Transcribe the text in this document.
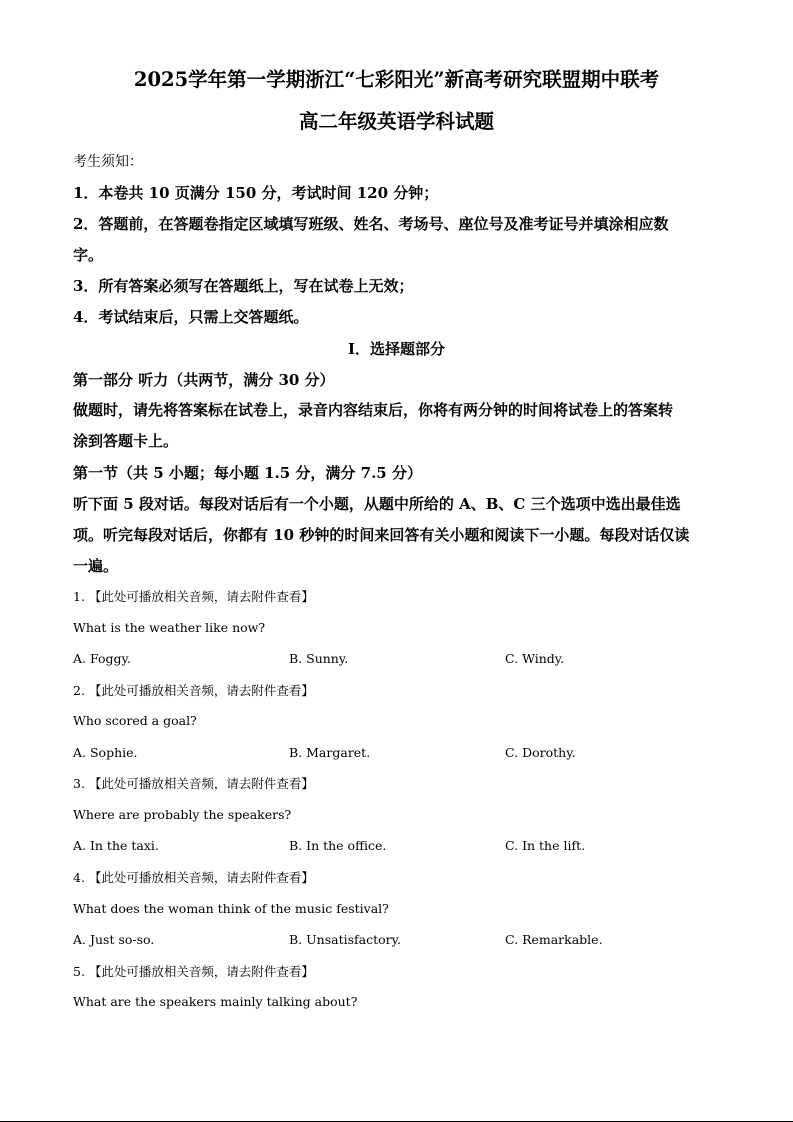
2025学年第一学期浙江“七彩阳光”新高考研究联盟期中联考
高二年级英语学科试题
考生须知：
1．本卷共 10 页满分 150 分，考试时间 120 分钟；
2．答题前，在答题卷指定区域填写班级、姓名、考场号、座位号及准考证号并填涂相应数
字。
3．所有答案必须写在答题纸上，写在试卷上无效；
4．考试结束后，只需上交答题纸。
Ⅰ．选择题部分
第一部分 听力（共两节，满分 30 分）
做题时，请先将答案标在试卷上，录音内容结束后，你将有两分钟的时间将试卷上的答案转
涂到答题卡上。
第一节（共 5 小题；每小题 1.5 分，满分 7.5 分）
听下面 5 段对话。每段对话后有一个小题，从题中所给的 A、B、C 三个选项中选出最佳选
项。听完每段对话后，你都有 10 秒钟的时间来回答有关小题和阅读下一小题。每段对话仅读
一遍。
1. 【此处可播放相关音频，请去附件查看】
What is the weather like now?
A. Foggy.	B. Sunny.	C. Windy.
2. 【此处可播放相关音频，请去附件查看】
Who scored a goal?
A. Sophie.	B. Margaret.	C. Dorothy.
3. 【此处可播放相关音频，请去附件查看】
Where are probably the speakers?
A. In the taxi.	B. In the office.	C. In the lift.
4. 【此处可播放相关音频，请去附件查看】
What does the woman think of the music festival?
A. Just so-so.	B. Unsatisfactory.	C. Remarkable.
5. 【此处可播放相关音频，请去附件查看】
What are the speakers mainly talking about?
